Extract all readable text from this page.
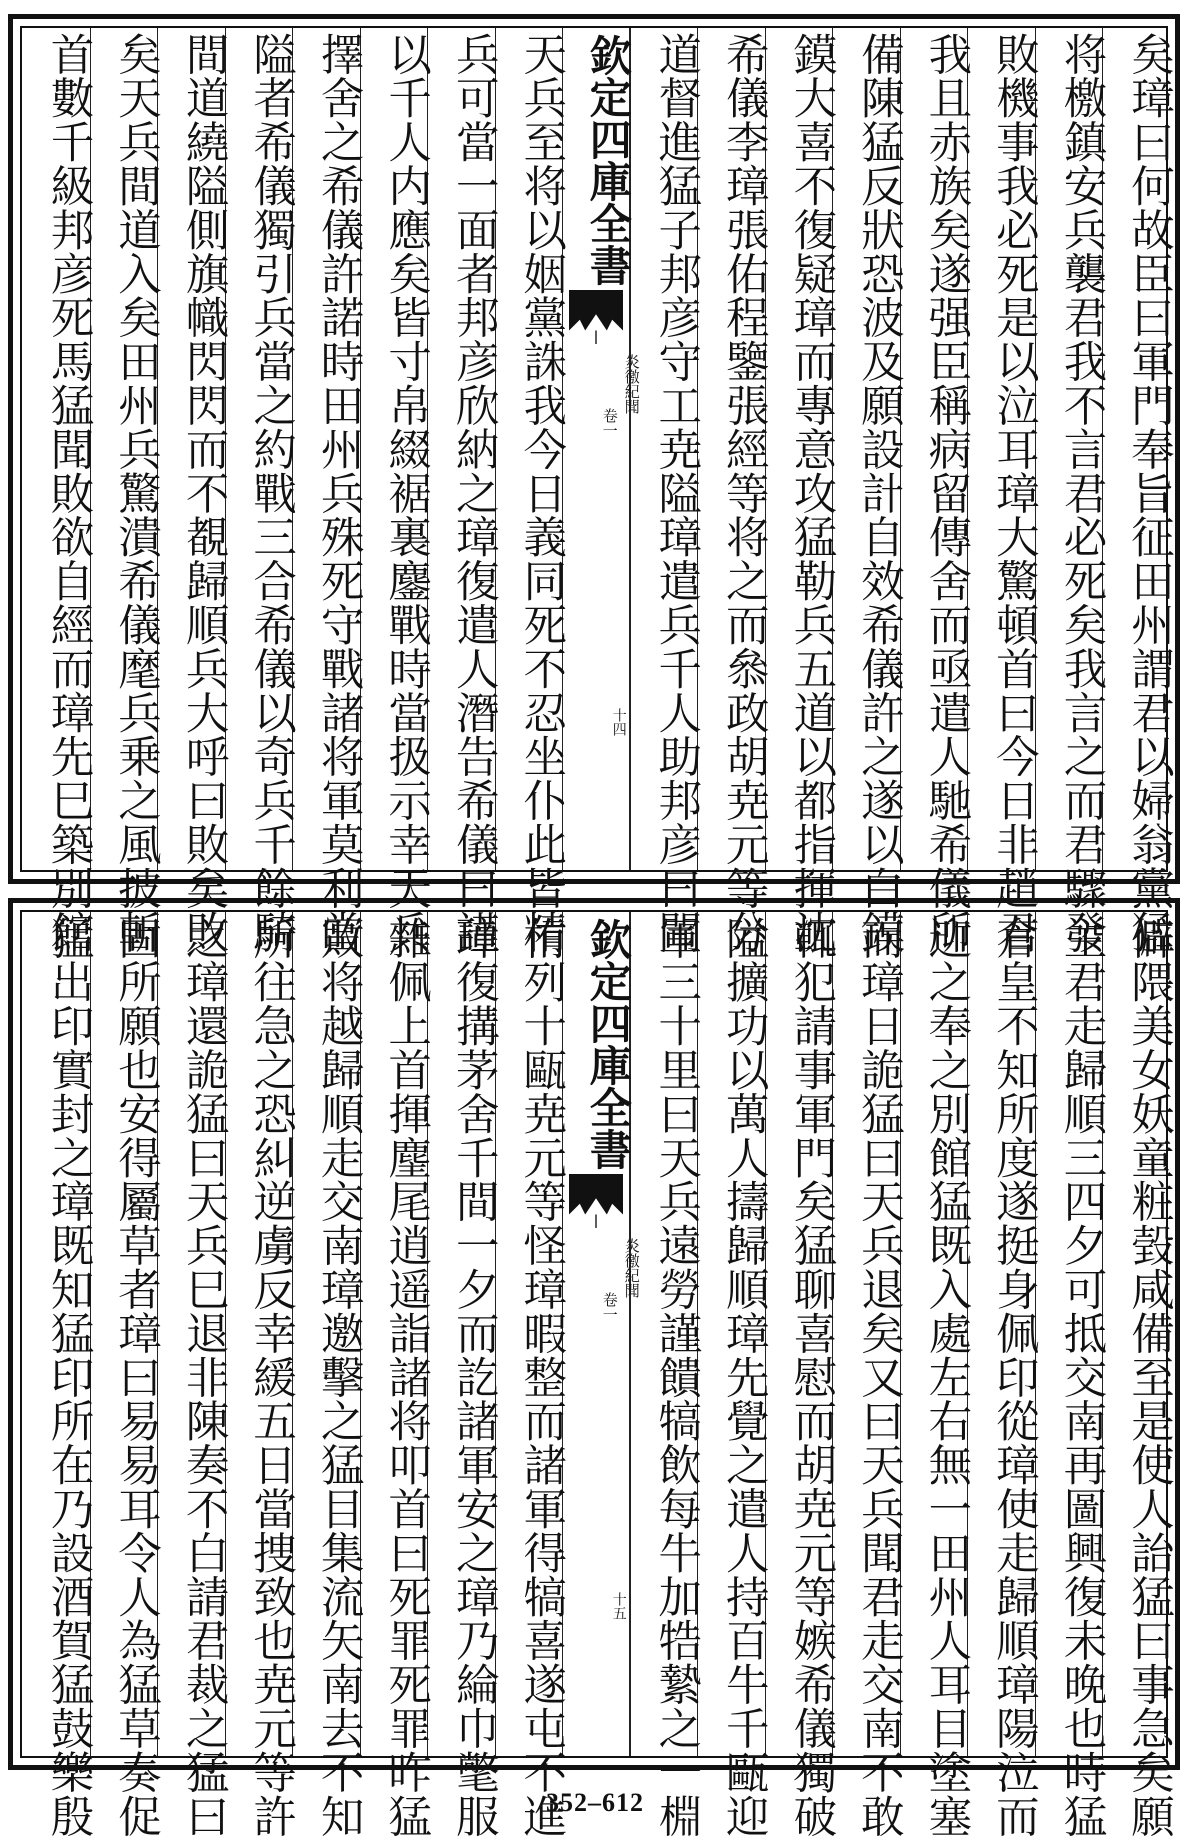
矣璋曰何故臣曰軍門奉旨征田州謂君以婦翁黨猛
将檄鎮安兵襲君我不言君必死矣我言之而君驟發
敗機事我必死是以泣耳璋大驚頓首曰今日非趙君
我且赤族矣遂强臣稱病留傳舍而亟遣人馳希儀所
備陳猛反狀恐波及願設計自效希儀許之遂以白鏌
鏌大喜不復疑璋而專意攻猛勒兵五道以都指揮沈
希儀李璋張佑程鑒張經等将之而叅政胡尭元等分
道督進猛子邦彦守工尭隘璋遣兵千人助邦彦曰聞
欽定四庫全書
炎徼紀聞
卷一
十四
天兵至将以姻黨誅我今日義同死不忍坐仆此皆精
兵可當一面者邦彦欣納之璋復遣人潛告希儀曰謹
以千人内應矣皆寸帛綴裾裏鏖戰時當扱示幸天兵
擇舍之希儀許諾時田州兵殊死守戰諸将軍莫利當
隘者希儀獨引兵當之約戰三合希儀以奇兵千餘騎
間道繞隘側旗幟閃閃而不覩歸順兵大呼曰敗矣敗
矣天兵間道入矣田州兵驚潰希儀麾兵乗之風披斬
首數千級邦彦死馬猛聞敗欲自經而璋先巳築別館
僻隈美女妖童粧㲄咸備至是使人詒猛曰事急矣願
主君走歸順三四夕可抵交南再圖興復未晚也時猛
倉皇不知所度遂挺身佩印從璋使走歸順璋陽泣而
迎之奉之別館猛既入處左右無一田州人耳目塗塞
而璋日詭猛曰天兵退矣又曰天兵聞君走交南不敢
輒犯請事軍門矣猛聊喜慰而胡尭元等嫉希儀獨破
隘擴功以萬人擣歸順璋先覺之遣人持百牛千甌迎
軍三十里曰天兵遠勞謹饋犒飲每牛加牿縶之一棩
欽定四庫全書
炎徼紀聞
卷一
十五
侑列十甌尭元等怪璋暇整而諸軍得犒喜遂屯不進
璋復搆茅舍千間一夕而訖諸軍安之璋乃綸巾氅服
雜佩上首揮麈尾逍遥詣諸将叩首曰死罪死罪昨猛
敗将越歸順走交南璋邀擊之猛目集流矢南去不知
所往急之恐糾逆虜反幸緩五日當捜致也尭元等許
之璋還詭猛曰天兵巳退非陳奏不白請君裁之猛曰
固所願也安得屬草者璋曰易易耳令人為猛草奏促
猛出印實封之璋既知猛印所在乃設酒賀猛鼓樂殷	352–612
